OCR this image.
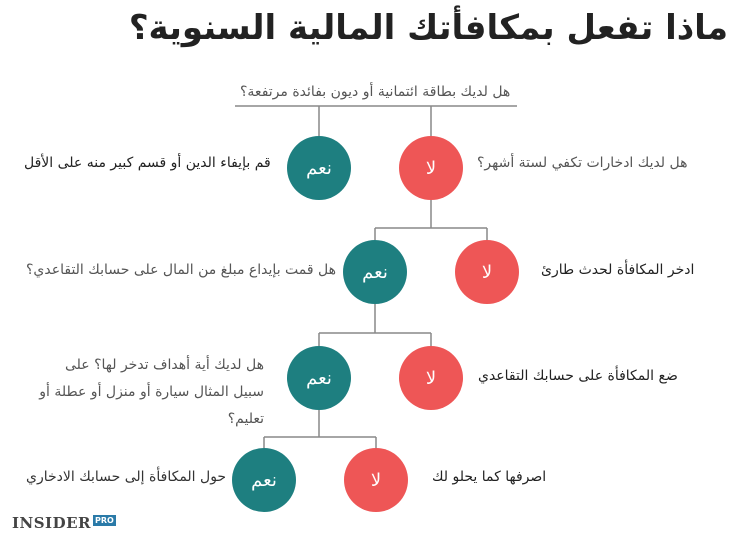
ماذا تفعل بمكافأتك المالية السنوية؟
هل لديك بطاقة ائتمانية أو ديون بفائدة مرتفعة؟
نعم	لا	هل لديك ادخارات تكفي لستة أشهر؟
قم بإيفاء الدين أو قسم كبير منه على الأقل
نعم	لا	ادخر المكافأة لحدث طارئ
هل قمت بإيداع مبلغ من المال على حسابك التقاعدي؟
نعم	لا
هل لديك أية أهداف تدخر لها؟ على سبيل المثال سيارة أو منزل أو عطلة أو تعليم؟
ضع المكافأة على حسابك التقاعدي
نعم	لا	اصرفها كما يحلو لك
حول المكافأة إلى حسابك الادخاري
INSIDER $^{PRO}$
